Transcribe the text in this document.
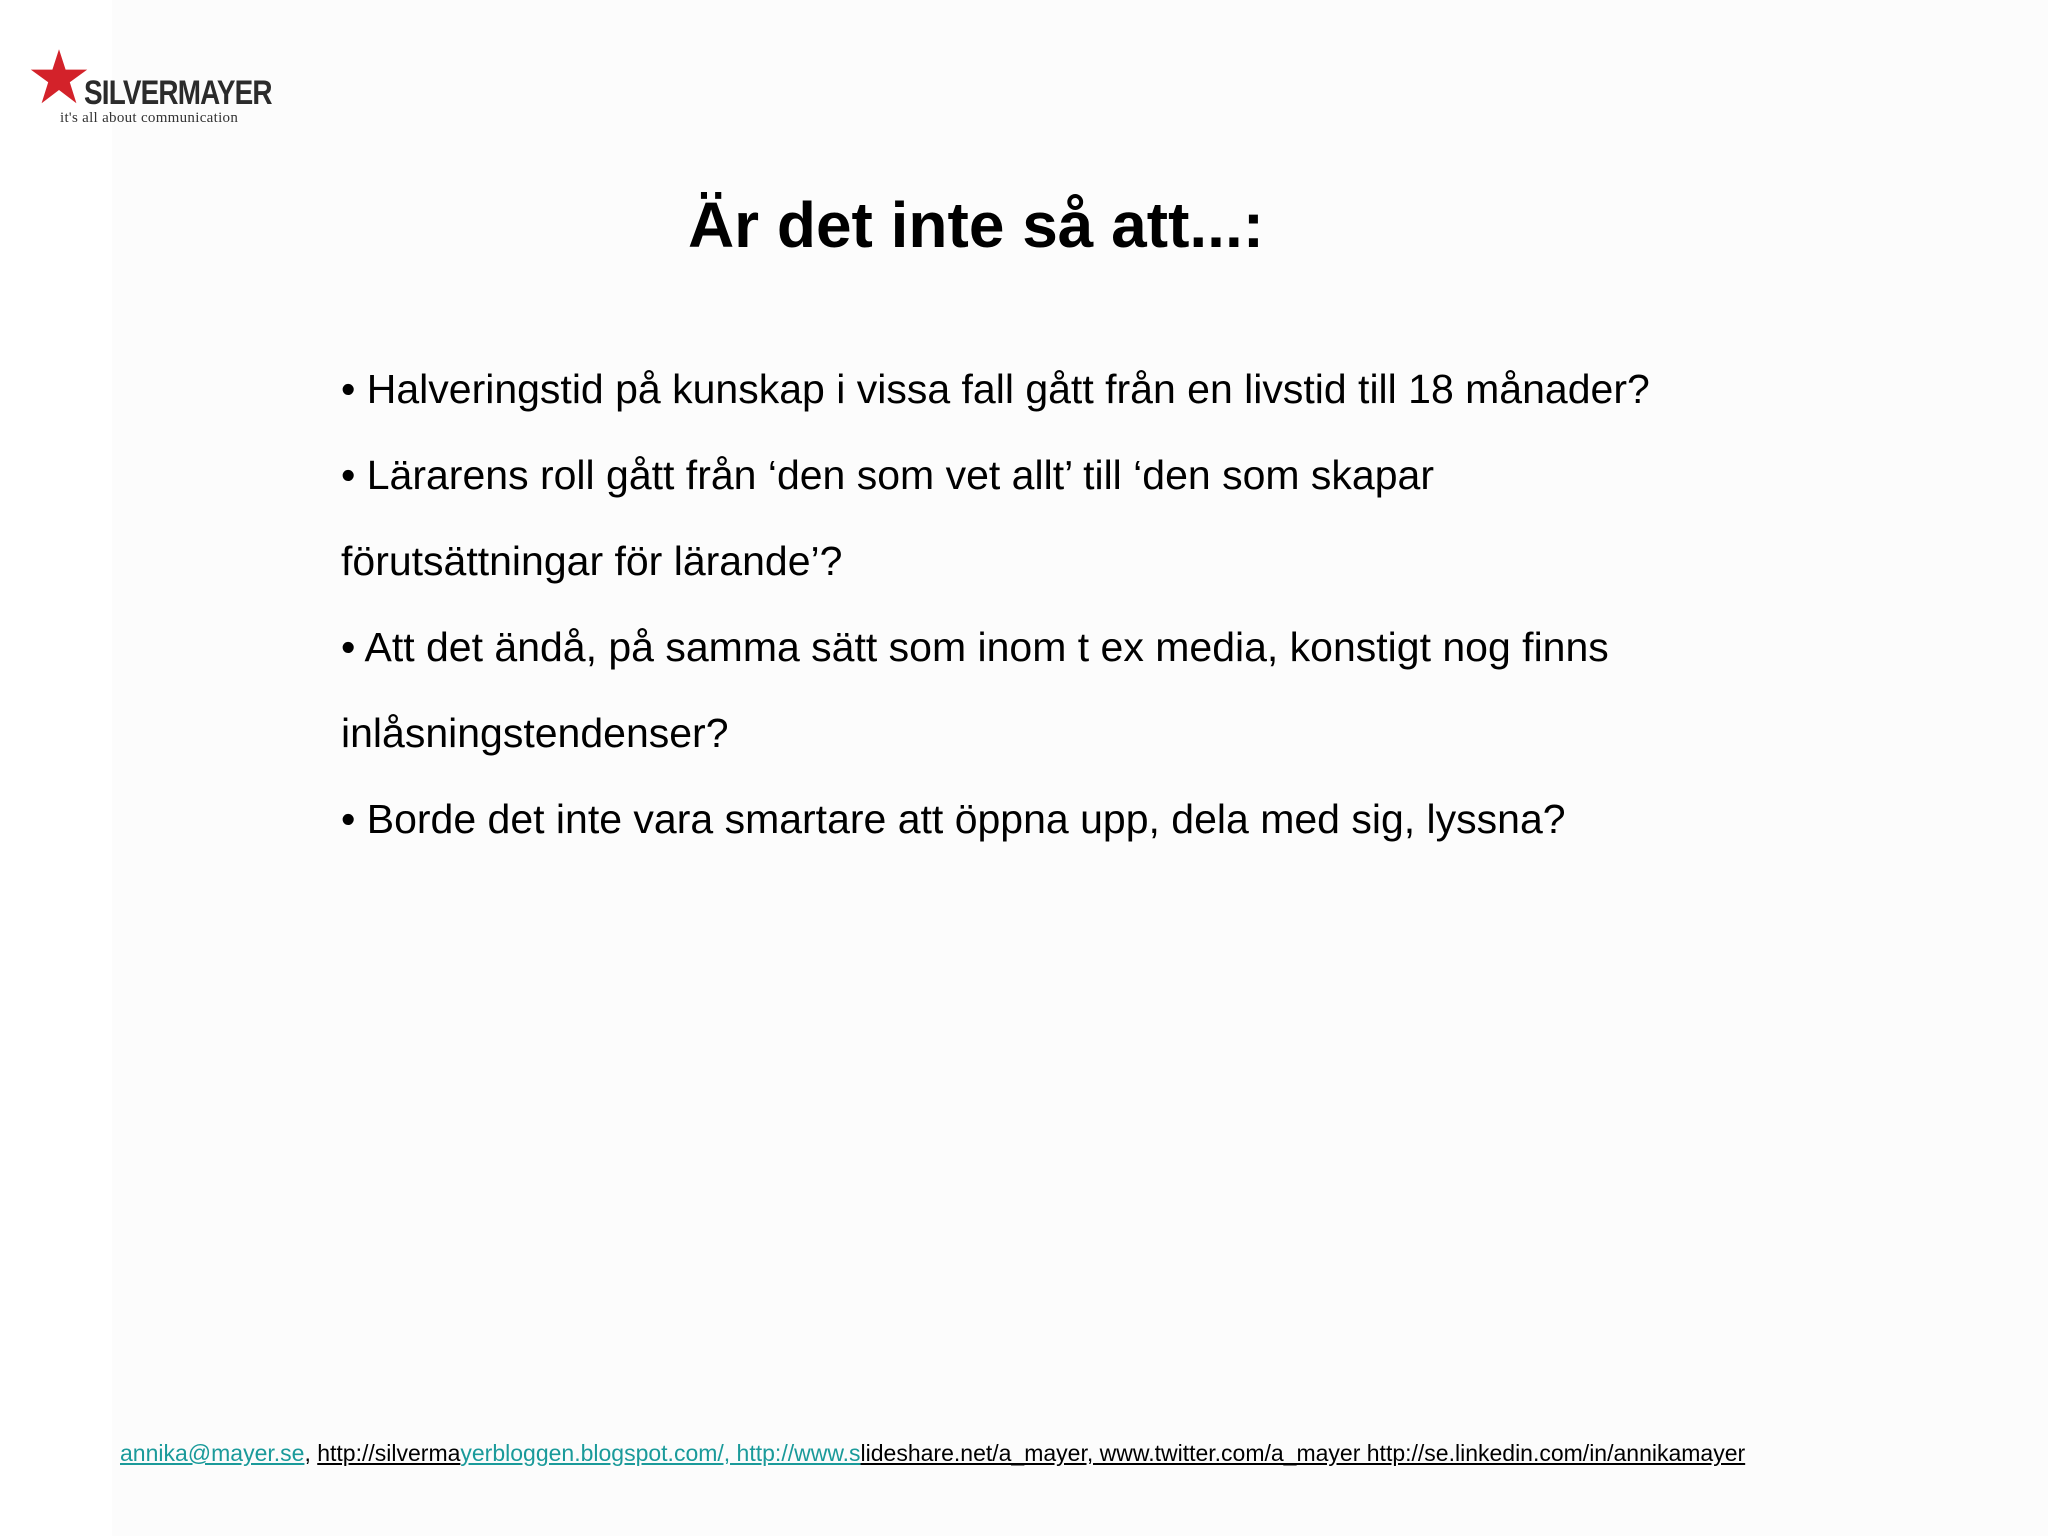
SILVERMAYER
it's all about communication
Är det inte så att...:
• Halveringstid på kunskap i vissa fall gått från en livstid till 18 månader?
• Lärarens roll gått från ‘den som vet allt’ till ‘den som skapar förutsättningar för lärande’?
• Att det ändå, på samma sätt som inom t ex media, konstigt nog finns inlåsningstendenser?
• Borde det inte vara smartare att öppna upp, dela med sig, lyssna?
annika@mayer.se, http://silvermayerbloggen.blogspot.com/, http://www.slideshare.net/a_mayer, www.twitter.com/a_mayer http://se.linkedin.com/in/annikamayer
